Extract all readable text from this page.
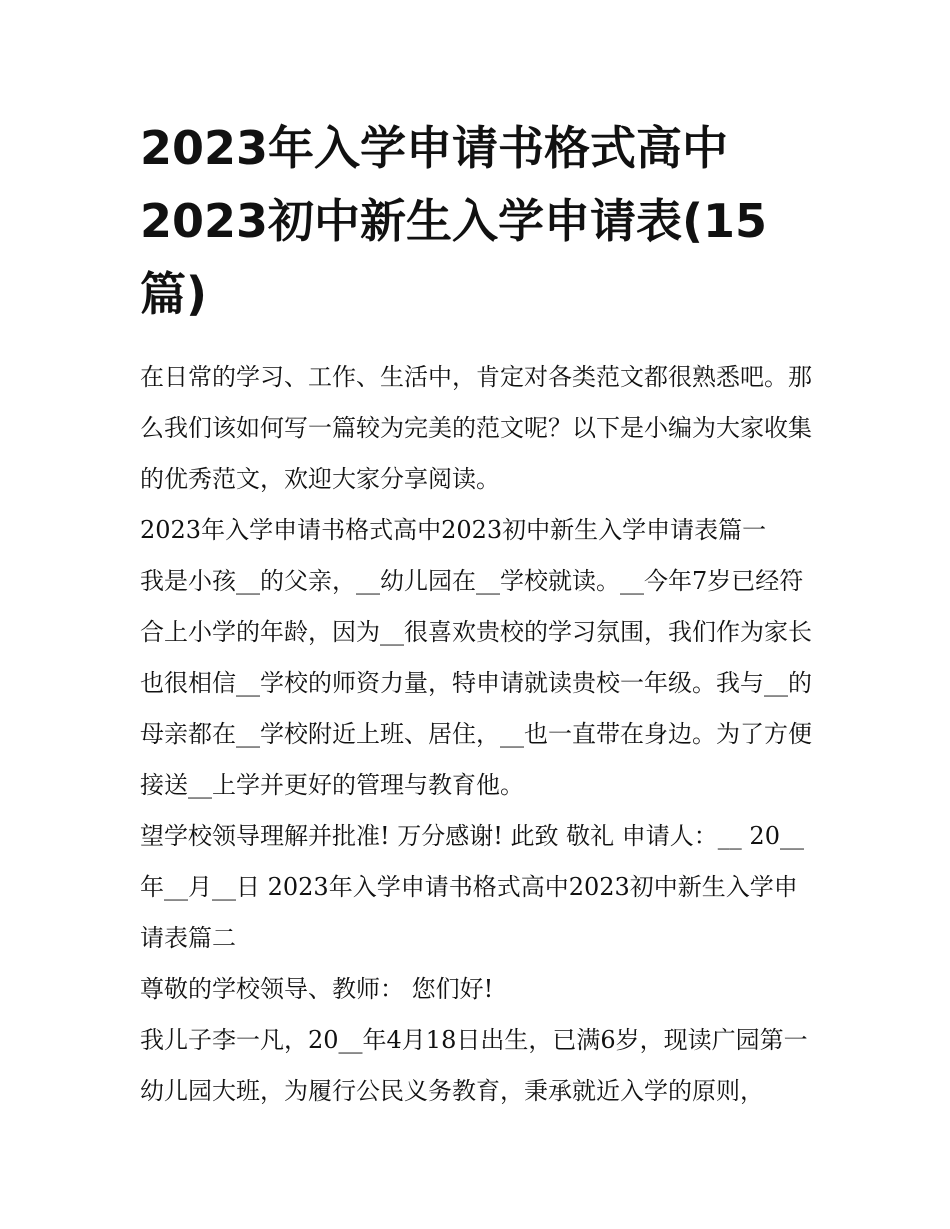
2023年入学申请书格式高中2023初中新生入学申请表(15篇)

在日常的学习、工作、生活中，肯定对各类范文都很熟悉吧。那么我们该如何写一篇较为完美的范文呢？以下是小编为大家收集的优秀范文，欢迎大家分享阅读。

2023年入学申请书格式高中2023初中新生入学申请表篇一

我是小孩__的父亲，__幼儿园在__学校就读。__今年7岁已经符合上小学的年龄，因为__很喜欢贵校的学习氛围，我们作为家长也很相信__学校的师资力量，特申请就读贵校一年级。我与__的母亲都在__学校附近上班、居住，__也一直带在身边。为了方便接送__上学并更好的管理与教育他。

望学校领导理解并批准! 万分感谢! 此致 敬礼 申请人：__ 20__年__月__日 2023年入学申请书格式高中2023初中新生入学申请表篇二

尊敬的学校领导、教师： 您们好!

我儿子李一凡，20__年4月18日出生，已满6岁，现读广园第一幼儿园大班，为履行公民义务教育，秉承就近入学的原则，
